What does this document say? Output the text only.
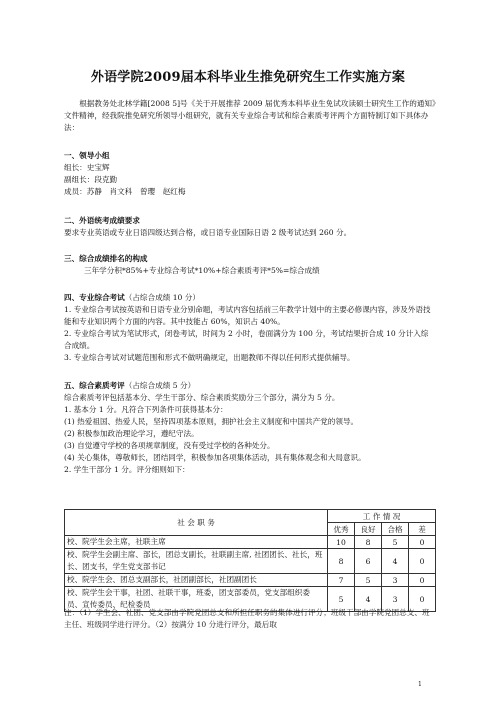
外语学院2009届本科毕业生推免研究生工作实施方案

根据教务处北林学籍[2008 5]号《关于开展推荐 2009 届优秀本科毕业生免试攻读硕士研究生工作的通知》文件精神，经我院推免研究所领导小组研究，就有关专业综合考试和综合素质考评两个方面特制订如下具体办法：

一、领导小组

组长：史宝辉

副组长：段克勤

成员：苏静　肖文科　曾璎　赵红梅

二、外语统考成绩要求

要求专业英语或专业日语四级达到合格，或日语专业国际日语 2 级考试达到 260 分。

三、综合成绩排名的构成

三年学分积*85%+专业综合考试*10%+综合素质考评*5%=综合成绩

四、专业综合考试（占综合成绩 10 分）

1. 专业综合考试按英语和日语专业分别命题，考试内容包括前三年教学计划中的主要必修课内容，涉及外语技能和专业知识两个方面的内容。其中技能占 60%，知识占 40%。

2. 专业综合考试为笔试形式，闭卷考试，时间为 2 小时，卷面满分为 100 分，考试结果折合成 10 分计入综合成绩。

3. 专业综合考试对试题范围和形式不做明确规定，出题教师不得以任何形式提供辅导。

五、综合素质考评（占综合成绩 5 分）

综合素质考评包括基本分、学生干部分、综合素质奖励分三个部分，满分为 5 分。

1. 基本分 1 分。凡符合下列条件可获得基本分：

(1) 热爱祖国、热爱人民，坚持四项基本原则，拥护社会主义制度和中国共产党的领导。

(2) 积极参加政治理论学习，遵纪守法。

(3) 自觉遵守学校的各项规章制度，没有受过学校的各种处分。

(4) 关心集体，尊敬师长，团结同学，积极参加各项集体活动，具有集体观念和大局意识。

2. 学生干部分 1 分。评分细则如下：

社 会 职 务	工 作 情 况			
	优秀	良好	合格	差
校、院学生会主席，社联主席	10	8	5	0
校、院学生会副主席、部长，团总支副长，社联副主席, 社团团长、社长，班长、团支书，学生党支部书记	8	6	4	0
校、院学生会、团总支副部长，社团副部长，社团副团长	7	5	3	0
校、院学生会干事，社团、社联干事，班委，团支部委员，党支部组织委员、宣传委员、纪检委员	5	4	3	0

注：（1）学生会、社团、党支部由学院党团总支和所担任职务的集体进行评分；班级干部由学院党团总支、班主任、班级同学进行评分。（2）按满分 10 分进行评分，最后取

1
